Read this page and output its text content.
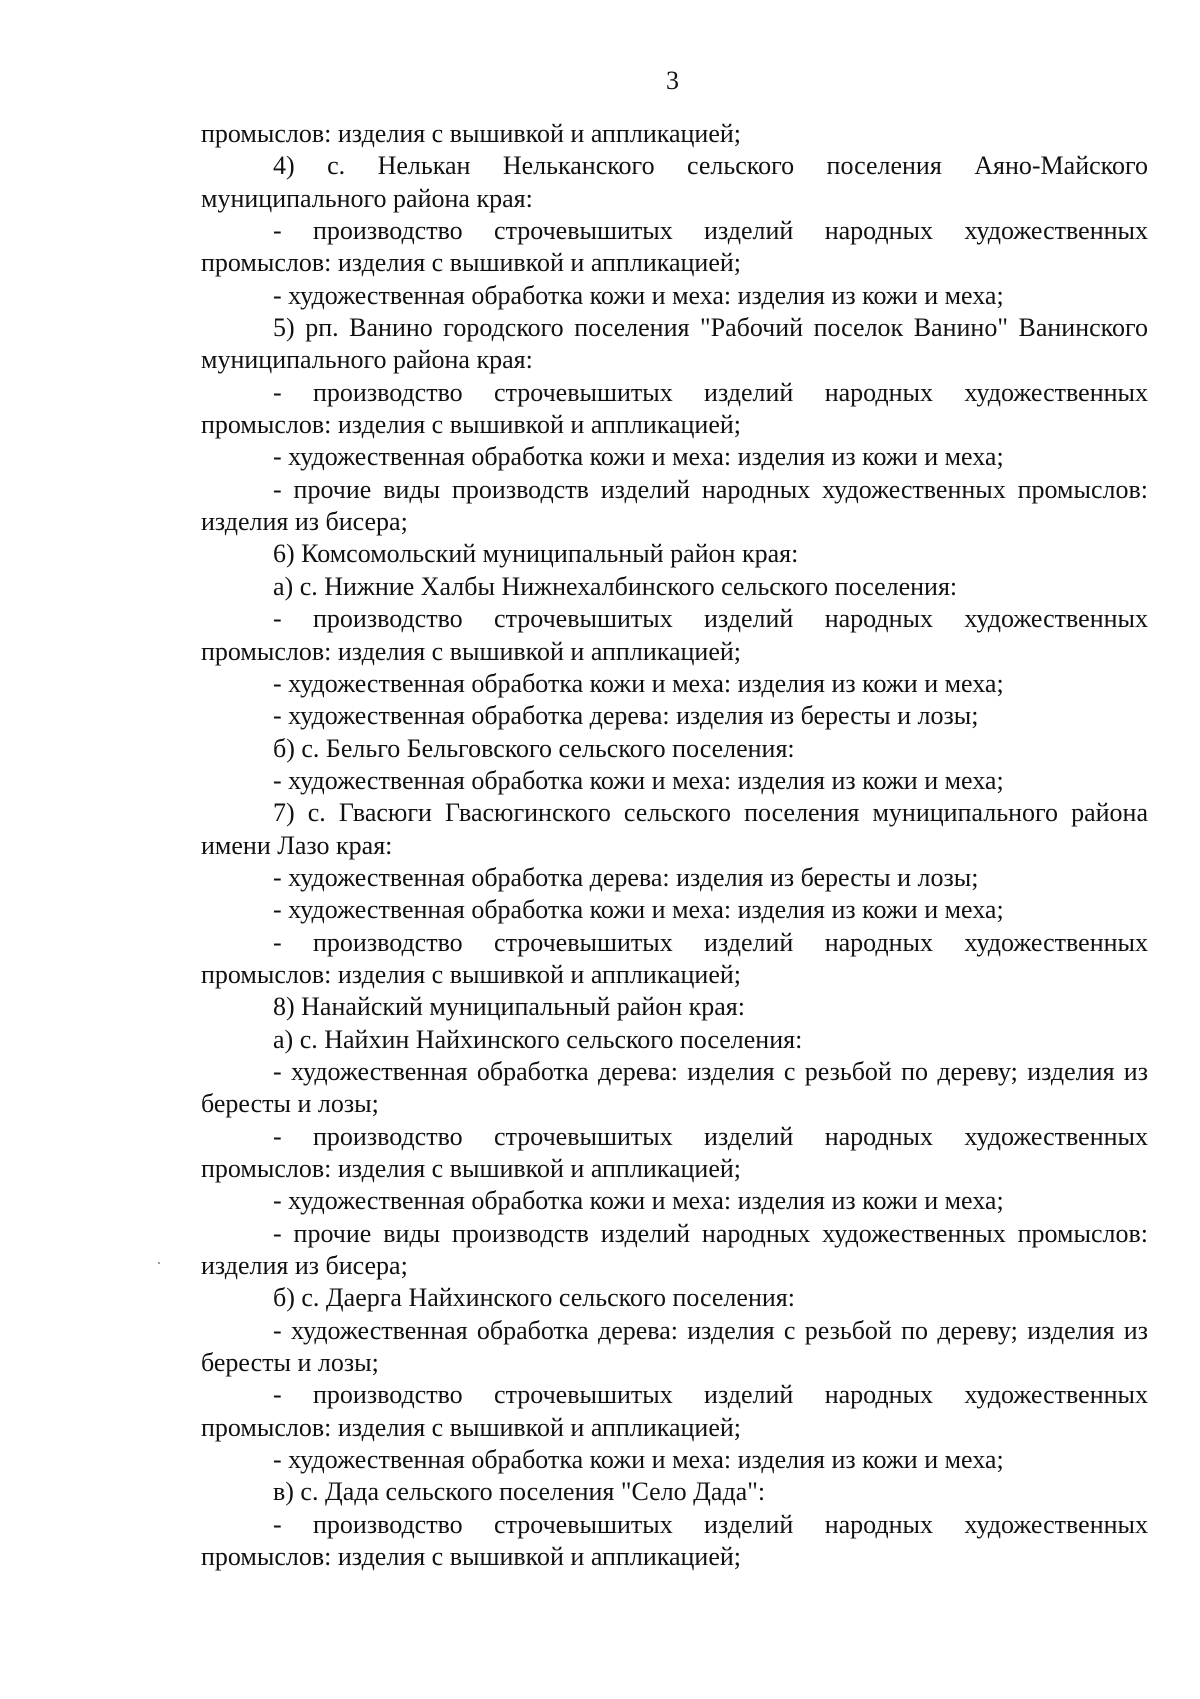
3

промыслов: изделия с вышивкой и аппликацией;

4) с. Нелькан Нельканского сельского поселения Аяно-Майского муниципального района края:

- производство строчевышитых изделий народных художественных промыслов: изделия с вышивкой и аппликацией;

- художественная обработка кожи и меха: изделия из кожи и меха;

5) рп. Ванино городского поселения "Рабочий поселок Ванино" Ванинского муниципального района края:

- производство строчевышитых изделий народных художественных промыслов: изделия с вышивкой и аппликацией;

- художественная обработка кожи и меха: изделия из кожи и меха;

- прочие виды производств изделий народных художественных промыслов: изделия из бисера;

6) Комсомольский муниципальный район края:

а) с. Нижние Халбы Нижнехалбинского сельского поселения:

- производство строчевышитых изделий народных художественных промыслов: изделия с вышивкой и аппликацией;

- художественная обработка кожи и меха: изделия из кожи и меха;

- художественная обработка дерева: изделия из бересты и лозы;

б) с. Бельго Бельговского сельского поселения:

- художественная обработка кожи и меха: изделия из кожи и меха;

7) с. Гвасюги Гвасюгинского сельского поселения муниципального района имени Лазо края:

- художественная обработка дерева: изделия из бересты и лозы;

- художественная обработка кожи и меха: изделия из кожи и меха;

- производство строчевышитых изделий народных художественных промыслов: изделия с вышивкой и аппликацией;

8) Нанайский муниципальный район края:

а) с. Найхин Найхинского сельского поселения:

- художественная обработка дерева: изделия с резьбой по дереву; изделия из бересты и лозы;

- производство строчевышитых изделий народных художественных промыслов: изделия с вышивкой и аппликацией;

- художественная обработка кожи и меха: изделия из кожи и меха;

- прочие виды производств изделий народных художественных промыслов: изделия из бисера;

б) с. Даерга Найхинского сельского поселения:

- художественная обработка дерева: изделия с резьбой по дереву; изделия из бересты и лозы;

- производство строчевышитых изделий народных художественных промыслов: изделия с вышивкой и аппликацией;

- художественная обработка кожи и меха: изделия из кожи и меха;

в) с. Дада сельского поселения "Село Дада":

- производство строчевышитых изделий народных художественных промыслов: изделия с вышивкой и аппликацией;
